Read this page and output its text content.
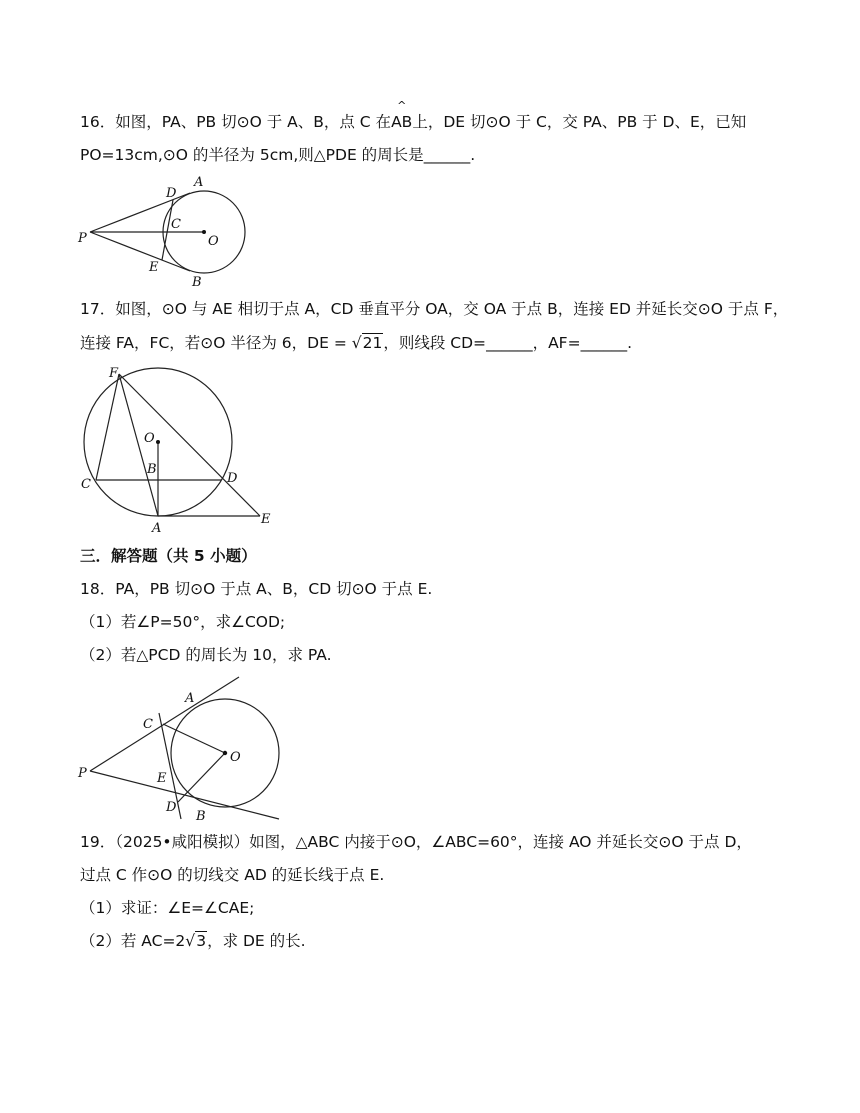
16．如图，PA、PB 切⊙O 于 A、B，点 C 在
^
AB上，DE 切⊙O 于 C，交 PA、PB 于 D、E，已知
PO=13cm,⊙O 的半径为 5cm,则△PDE 的周长是______.
P
D
A
C
O
E
B
17．如图，⊙O 与 AE 相切于点 A，CD 垂直平分 OA，交 OA 于点 B，连接 ED 并延长交⊙O 于点 F，
连接 FA，FC，若⊙O 半径为 6，DE = √21，则线段 CD=______，AF=______.
F
O
B
C	D
A
E
三．解答题（共 5 小题）
18．PA，PB 切⊙O 于点 A、B，CD 切⊙O 于点 E.
（1）若∠P=50°，求∠COD;
（2）若△PCD 的周长为 10，求 PA.
A
C
O
P	E
D
B
19．（2025•咸阳模拟）如图，△ABC 内接于⊙O，∠ABC=60°，连接 AO 并延长交⊙O 于点 D，
过点 C 作⊙O 的切线交 AD 的延长线于点 E.
（1）求证：∠E=∠CAE;
（2）若 AC=2√3，求 DE 的长.
